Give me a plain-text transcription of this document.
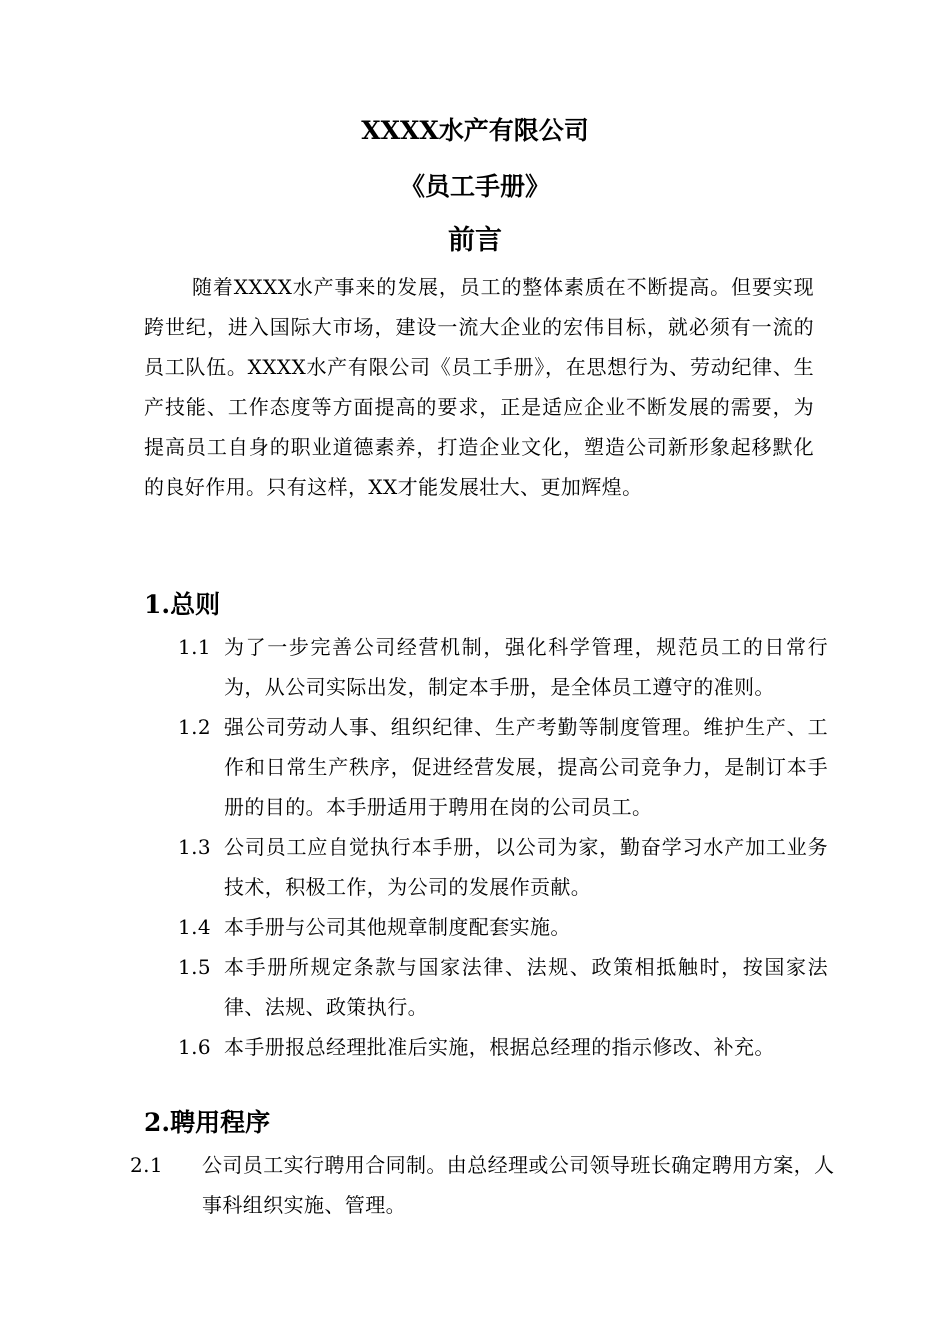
XXXX水产有限公司
《员工手册》
前言

随着XXXX水产事来的发展，员工的整体素质在不断提高。但要实现跨世纪，进入国际大市场，建设一流大企业的宏伟目标，就必须有一流的员工队伍。XXXX水产有限公司《员工手册》，在思想行为、劳动纪律、生产技能、工作态度等方面提高的要求，正是适应企业不断发展的需要，为提高员工自身的职业道德素养，打造企业文化，塑造公司新形象起移默化的良好作用。只有这样，XX才能发展壮大、更加辉煌。

1.总则
1.1 为了一步完善公司经营机制，强化科学管理，规范员工的日常行为，从公司实际出发，制定本手册，是全体员工遵守的准则。
1.2 强公司劳动人事、组织纪律、生产考勤等制度管理。维护生产、工作和日常生产秩序，促进经营发展，提高公司竞争力，是制订本手册的目的。本手册适用于聘用在岗的公司员工。
1.3 公司员工应自觉执行本手册，以公司为家，勤奋学习水产加工业务技术，积极工作，为公司的发展作贡献。
1.4 本手册与公司其他规章制度配套实施。
1.5 本手册所规定条款与国家法律、法规、政策相抵触时，按国家法律、法规、政策执行。
1.6 本手册报总经理批准后实施，根据总经理的指示修改、补充。
2.聘用程序
2.1 公司员工实行聘用合同制。由总经理或公司领导班长确定聘用方案，人事科组织实施、管理。
